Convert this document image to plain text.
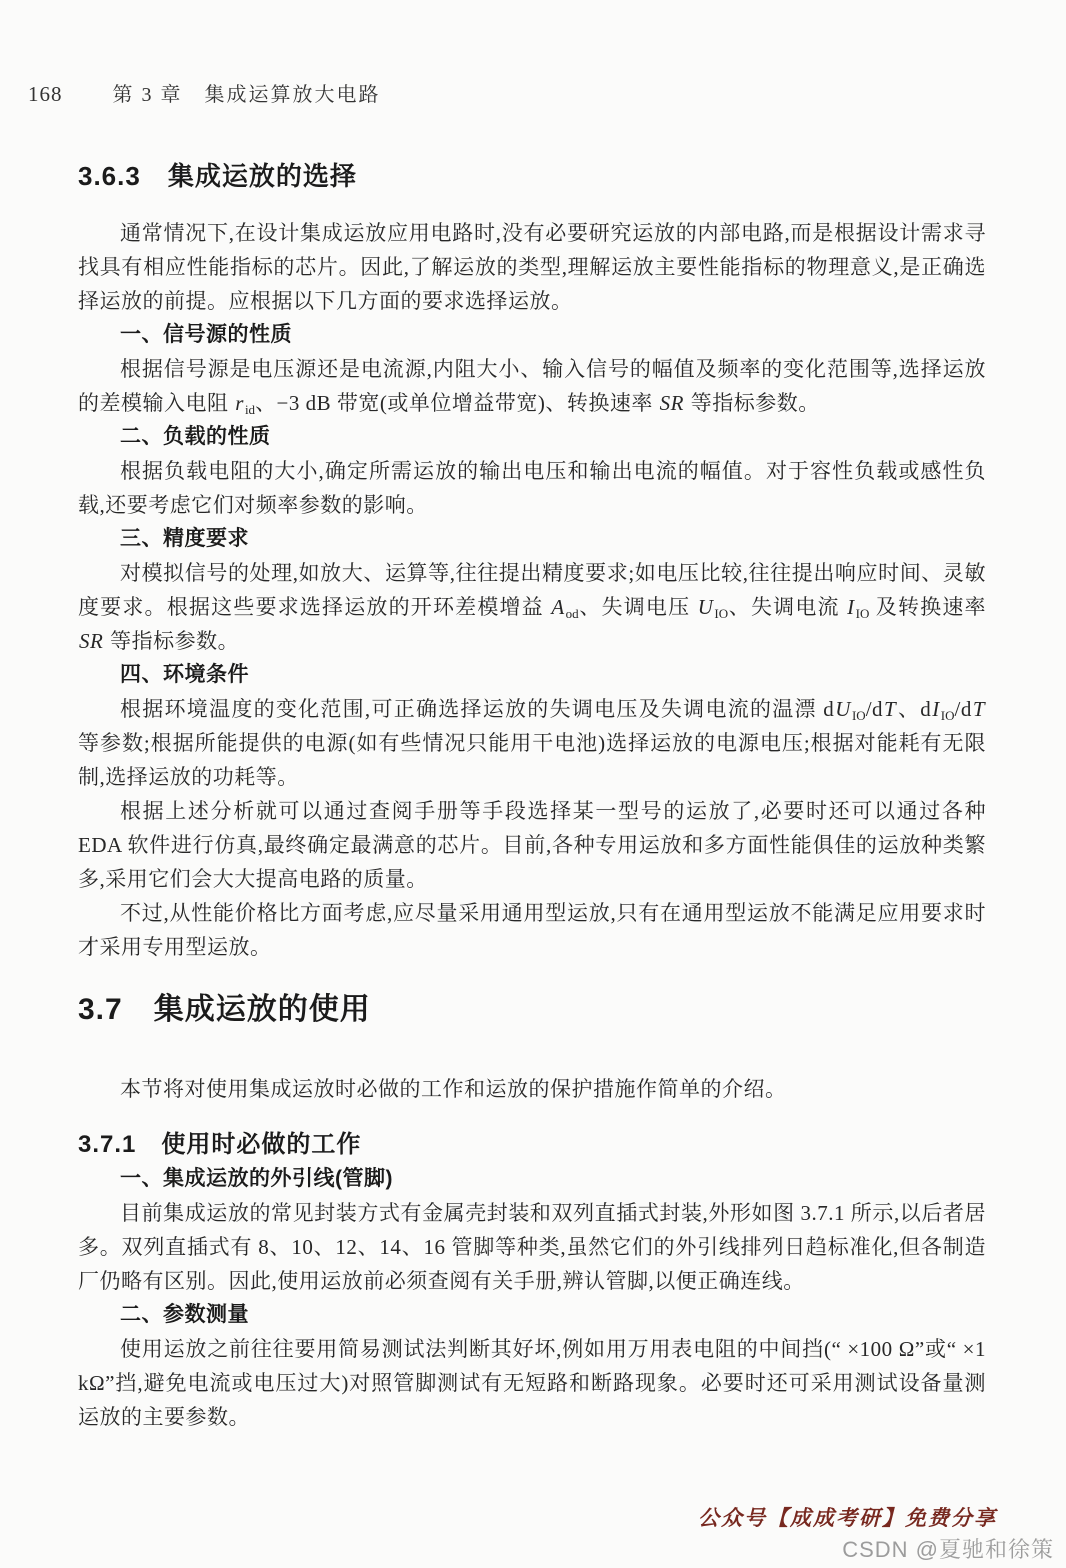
168	第 3 章　集成运算放大电路
3.6.3　集成运放的选择

通常情况下,在设计集成运放应用电路时,没有必要研究运放的内部电路,而是根据设计需求寻找具有相应性能指标的芯片。因此,了解运放的类型,理解运放主要性能指标的物理意义,是正确选择运放的前提。应根据以下几方面的要求选择运放。

一、信号源的性质

根据信号源是电压源还是电流源,内阻大小、输入信号的幅值及频率的变化范围等,选择运放的差模输入电阻 $r_{id}$、−3 dB 带宽(或单位增益带宽)、转换速率 SR 等指标参数。

二、负载的性质

根据负载电阻的大小,确定所需运放的输出电压和输出电流的幅值。对于容性负载或感性负载,还要考虑它们对频率参数的影响。

三、精度要求

对模拟信号的处理,如放大、运算等,往往提出精度要求;如电压比较,往往提出响应时间、灵敏度要求。根据这些要求选择运放的开环差模增益 $A_{od}$、失调电压 $U_{IO}$、失调电流 $I_{IO}$ 及转换速率 SR 等指标参数。

四、环境条件

根据环境温度的变化范围,可正确选择运放的失调电压及失调电流的温漂 $dU_{IO}/dT$、$dI_{IO}/dT$ 等参数;根据所能提供的电源(如有些情况只能用干电池)选择运放的电源电压;根据对能耗有无限制,选择运放的功耗等。

根据上述分析就可以通过查阅手册等手段选择某一型号的运放了,必要时还可以通过各种 EDA 软件进行仿真,最终确定最满意的芯片。目前,各种专用运放和多方面性能俱佳的运放种类繁多,采用它们会大大提高电路的质量。

不过,从性能价格比方面考虑,应尽量采用通用型运放,只有在通用型运放不能满足应用要求时才采用专用型运放。

3.7　集成运放的使用

本节将对使用集成运放时必做的工作和运放的保护措施作简单的介绍。

3.7.1　使用时必做的工作

一、集成运放的外引线(管脚)

目前集成运放的常见封装方式有金属壳封装和双列直插式封装,外形如图 3.7.1 所示,以后者居多。双列直插式有 8、10、12、14、16 管脚等种类,虽然它们的外引线排列日趋标准化,但各制造厂仍略有区别。因此,使用运放前必须查阅有关手册,辨认管脚,以便正确连线。

二、参数测量

使用运放之前往往要用简易测试法判断其好坏,例如用万用表电阻的中间挡(“ ×100 Ω”或“ ×1 kΩ”挡,避免电流或电压过大)对照管脚测试有无短路和断路现象。必要时还可采用测试设备量测运放的主要参数。

公众号【成成考研】免费分享
CSDN @夏驰和徐策
